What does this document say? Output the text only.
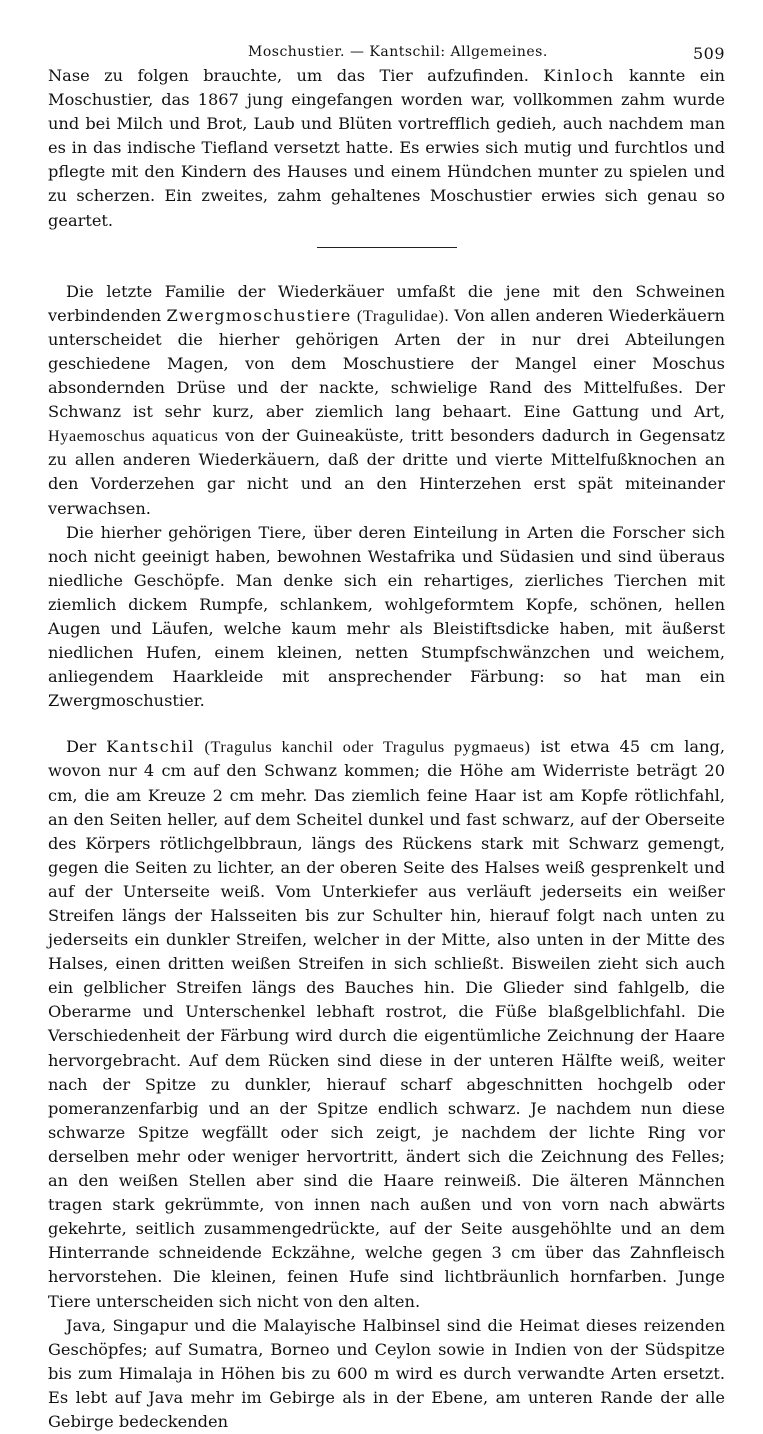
Moschustier. — Kantschil: Allgemeines.	509

Nase zu folgen brauchte, um das Tier aufzufinden. Kinloch kannte ein Moschustier, das 1867 jung eingefangen worden war, vollkommen zahm wurde und bei Milch und Brot, Laub und Blüten vortrefflich gedieh, auch nachdem man es in das indische Tiefland versetzt hatte. Es erwies sich mutig und furchtlos und pflegte mit den Kindern des Hauses und einem Hündchen munter zu spielen und zu scherzen. Ein zweites, zahm gehaltenes Moschustier erwies sich genau so geartet.

Die letzte Familie der Wiederkäuer umfaßt die jene mit den Schweinen verbindenden Zwergmoschustiere (Tragulidae). Von allen anderen Wiederkäuern unterscheidet die hierher gehörigen Arten der in nur drei Abteilungen geschiedene Magen, von dem Moschustiere der Mangel einer Moschus absondernden Drüse und der nackte, schwielige Rand des Mittelfußes. Der Schwanz ist sehr kurz, aber ziemlich lang behaart. Eine Gattung und Art, Hyaemoschus aquaticus von der Guineaküste, tritt besonders dadurch in Gegensatz zu allen anderen Wiederkäuern, daß der dritte und vierte Mittelfußknochen an den Vorderzehen gar nicht und an den Hinterzehen erst spät miteinander verwachsen.

Die hierher gehörigen Tiere, über deren Einteilung in Arten die Forscher sich noch nicht geeinigt haben, bewohnen Westafrika und Südasien und sind überaus niedliche Geschöpfe. Man denke sich ein rehartiges, zierliches Tierchen mit ziemlich dickem Rumpfe, schlankem, wohlgeformtem Kopfe, schönen, hellen Augen und Läufen, welche kaum mehr als Bleistiftsdicke haben, mit äußerst niedlichen Hufen, einem kleinen, netten Stumpfschwänzchen und weichem, anliegendem Haarkleide mit ansprechender Färbung: so hat man ein Zwergmoschustier.

Der Kantschil (Tragulus kanchil oder Tragulus pygmaeus) ist etwa 45 cm lang, wovon nur 4 cm auf den Schwanz kommen; die Höhe am Widerriste beträgt 20 cm, die am Kreuze 2 cm mehr. Das ziemlich feine Haar ist am Kopfe rötlichfahl, an den Seiten heller, auf dem Scheitel dunkel und fast schwarz, auf der Oberseite des Körpers rötlichgelbbraun, längs des Rückens stark mit Schwarz gemengt, gegen die Seiten zu lichter, an der oberen Seite des Halses weiß gesprenkelt und auf der Unterseite weiß. Vom Unterkiefer aus verläuft jederseits ein weißer Streifen längs der Halsseiten bis zur Schulter hin, hierauf folgt nach unten zu jederseits ein dunkler Streifen, welcher in der Mitte, also unten in der Mitte des Halses, einen dritten weißen Streifen in sich schließt. Bisweilen zieht sich auch ein gelblicher Streifen längs des Bauches hin. Die Glieder sind fahlgelb, die Oberarme und Unterschenkel lebhaft rostrot, die Füße blaßgelblichfahl. Die Verschiedenheit der Färbung wird durch die eigentümliche Zeichnung der Haare hervorgebracht. Auf dem Rücken sind diese in der unteren Hälfte weiß, weiter nach der Spitze zu dunkler, hierauf scharf abgeschnitten hochgelb oder pomeranzenfarbig und an der Spitze endlich schwarz. Je nachdem nun diese schwarze Spitze wegfällt oder sich zeigt, je nachdem der lichte Ring vor derselben mehr oder weniger hervortritt, ändert sich die Zeichnung des Felles; an den weißen Stellen aber sind die Haare reinweiß. Die älteren Männchen tragen stark gekrümmte, von innen nach außen und von vorn nach abwärts gekehrte, seitlich zusammengedrückte, auf der Seite ausgehöhlte und an dem Hinterrande schneidende Eckzähne, welche gegen 3 cm über das Zahnfleisch hervorstehen. Die kleinen, feinen Hufe sind lichtbräunlich hornfarben. Junge Tiere unterscheiden sich nicht von den alten.

Java, Singapur und die Malayische Halbinsel sind die Heimat dieses reizenden Geschöpfes; auf Sumatra, Borneo und Ceylon sowie in Indien von der Südspitze bis zum Himalaja in Höhen bis zu 600 m wird es durch verwandte Arten ersetzt. Es lebt auf Java mehr im Gebirge als in der Ebene, am unteren Rande der alle Gebirge bedeckenden
